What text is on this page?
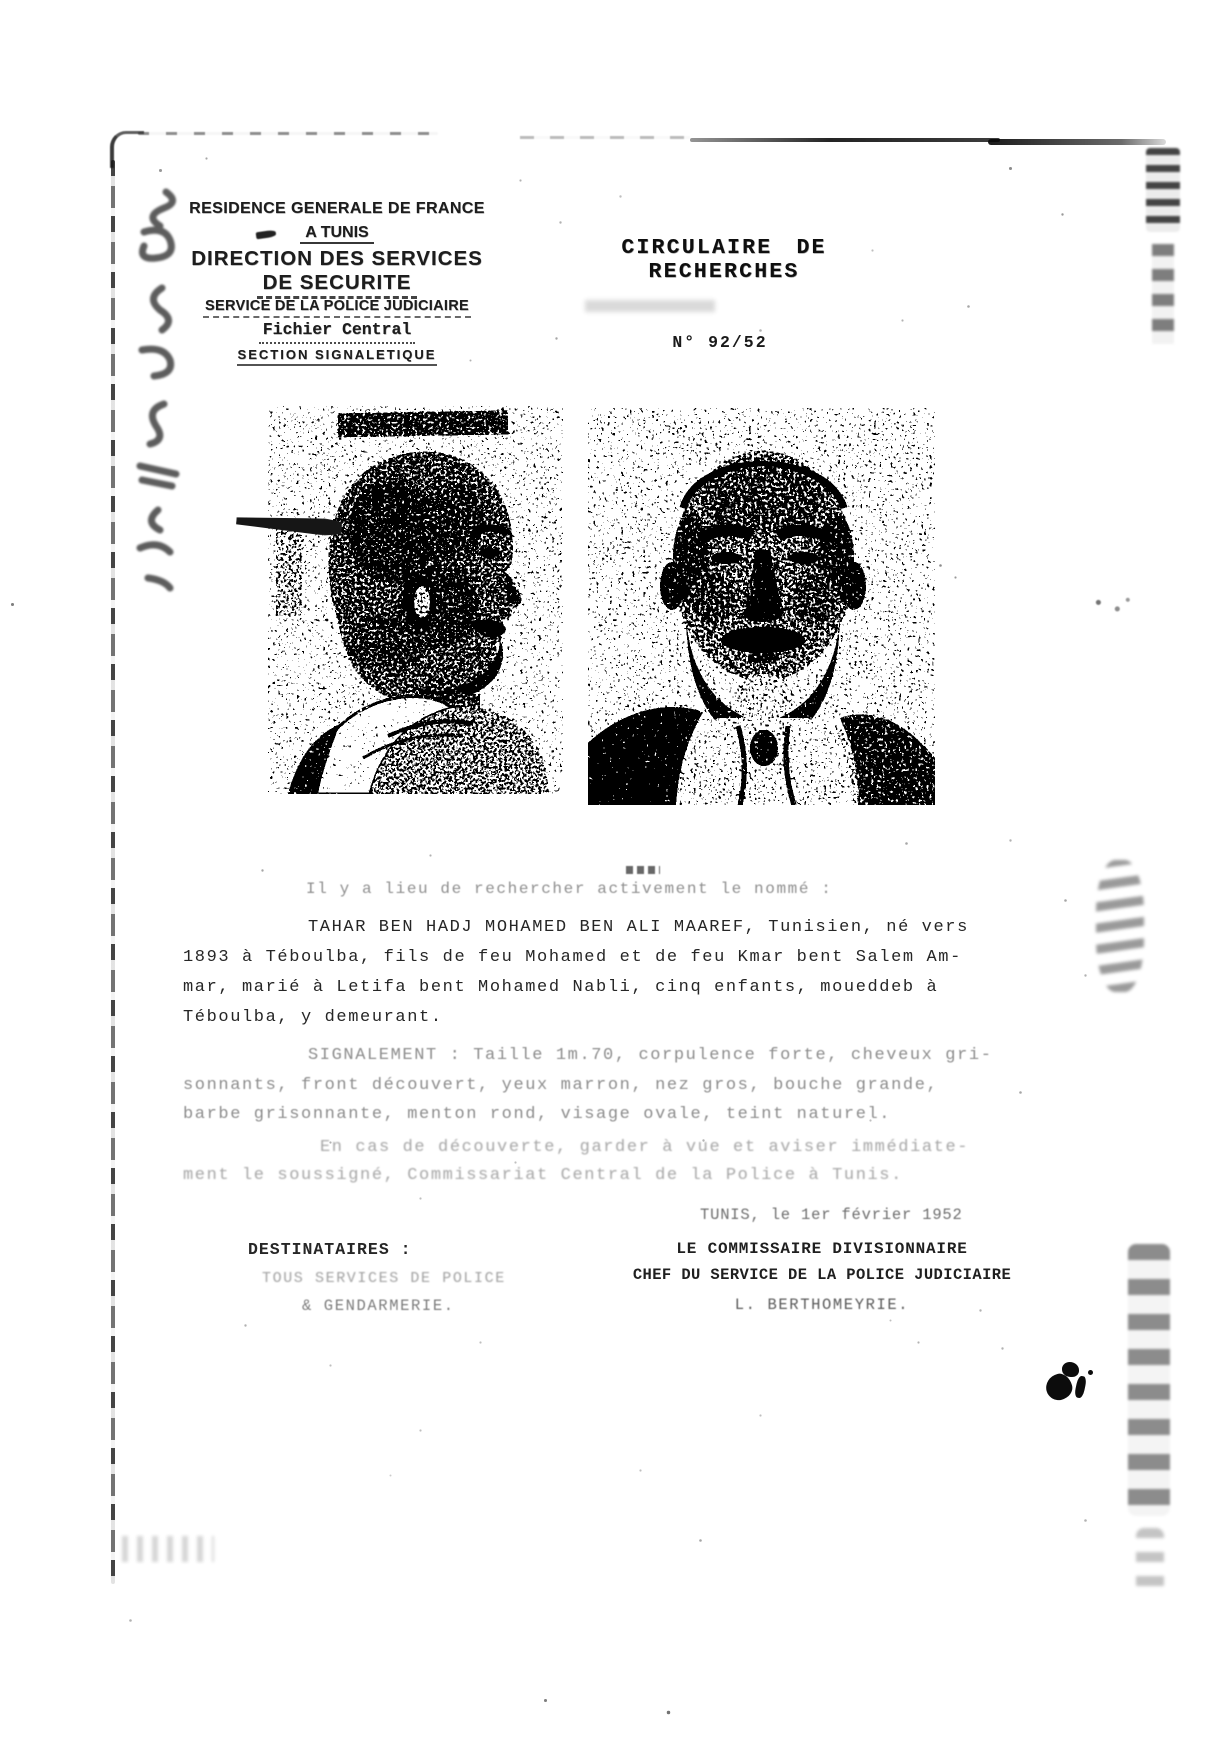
RESIDENCE GENERALE DE FRANCE
A TUNIS
DIRECTION DES SERVICES
DE SECURITE
SERVICE DE LA POLICE JUDICIAIRE
Fichier Central
SECTION SIGNALETIQUE
CIRCULAIRE DE RECHERCHES
N° 92/52
Il y a lieu de rechercher activement le nommé :
TAHAR BEN HADJ MOHAMED BEN ALI MAAREF, Tunisien, né vers
1893 à Téboulba, fils de feu Mohamed et de feu Kmar bent Salem Am-
mar, marié à Letifa bent Mohamed Nabli, cinq enfants, moueddeb à
Téboulba, y demeurant.
SIGNALEMENT : Taille 1m.70, corpulence forte, cheveux gri-
sonnants, front découvert, yeux marron, nez gros, bouche grande,
barbe grisonnante, menton rond, visage ovale, teint naturel.
En cas de découverte, garder à vue et aviser immédiate-
ment le soussigné, Commissariat Central de la Police à Tunis.
TUNIS, le 1er février 1952
LE COMMISSAIRE DIVISIONNAIRE
CHEF DU SERVICE DE LA POLICE JUDICIAIRE
L. BERTHOMEYRIE.
DESTINATAIRES :
TOUS SERVICES DE POLICE
& GENDARMERIE.
